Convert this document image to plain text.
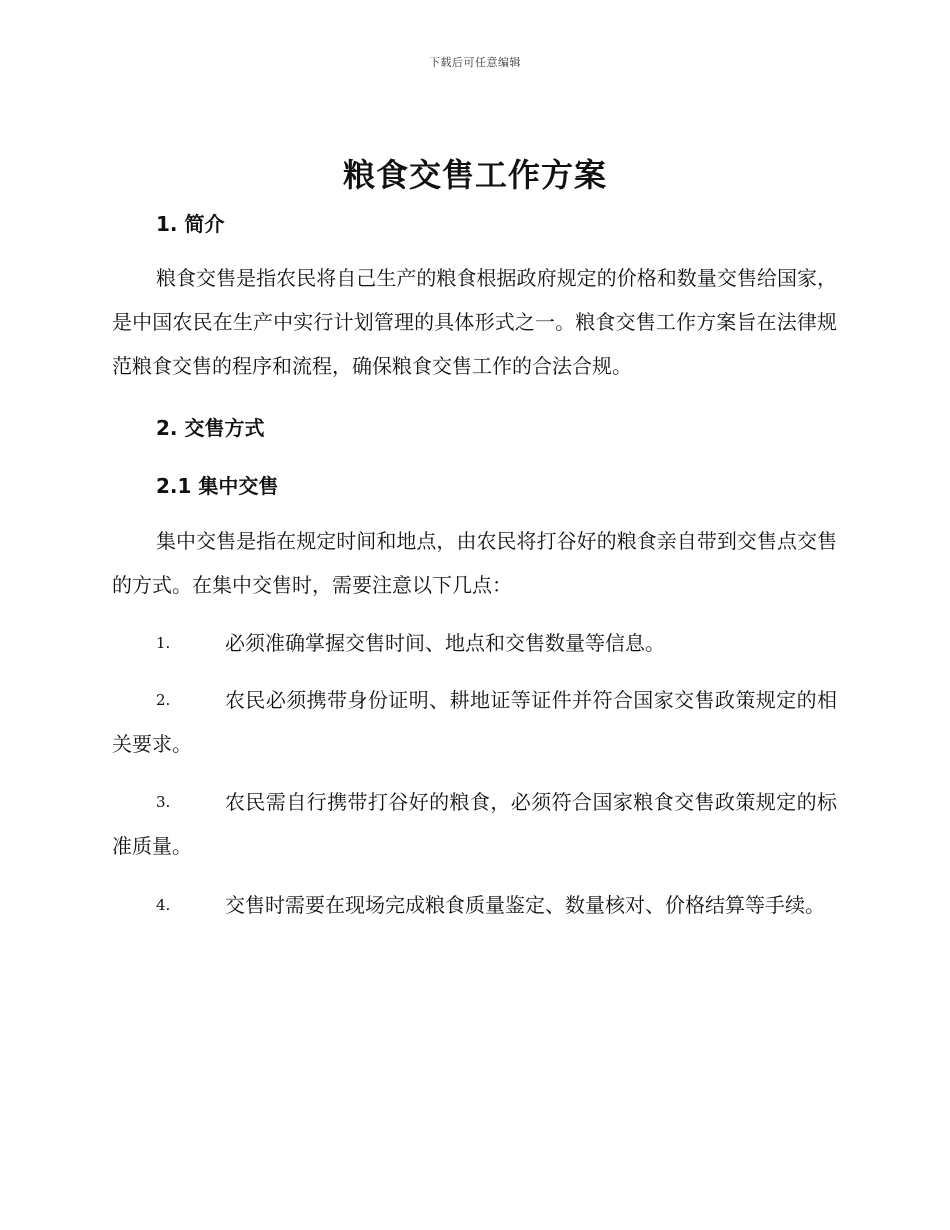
下载后可任意编辑
粮食交售工作方案
1. 简介

粮食交售是指农民将自己生产的粮食根据政府规定的价格和数量交售给国家，是中国农民在生产中实行计划管理的具体形式之一。粮食交售工作方案旨在法律规范粮食交售的程序和流程，确保粮食交售工作的合法合规。

2. 交售方式
2.1 集中交售

集中交售是指在规定时间和地点，由农民将打谷好的粮食亲自带到交售点交售的方式。在集中交售时，需要注意以下几点：

1.	必须准确掌握交售时间、地点和交售数量等信息。
2.	农民必须携带身份证明、耕地证等证件并符合国家交售政策规定的相关要求。
3.	农民需自行携带打谷好的粮食，必须符合国家粮食交售政策规定的标准质量。
4.	交售时需要在现场完成粮食质量鉴定、数量核对、价格结算等手续。
